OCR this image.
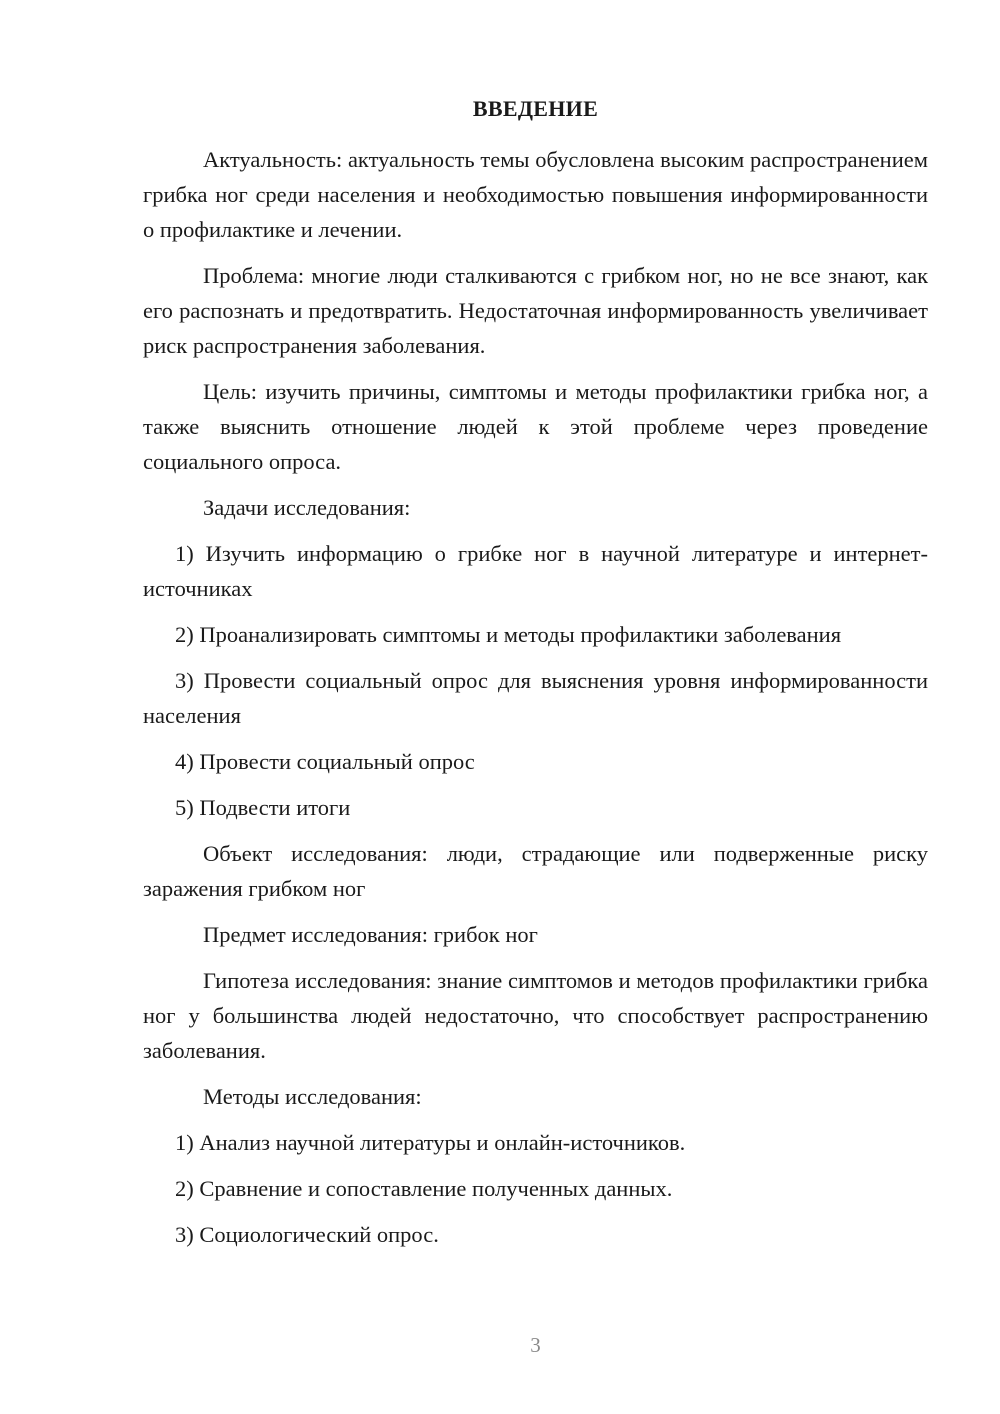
ВВЕДЕНИЕ

Актуальность: актуальность темы обусловлена высоким распространением грибка ног среди населения и необходимостью повышения информированности о профилактике и лечении.

Проблема: многие люди сталкиваются с грибком ног, но не все знают, как его распознать и предотвратить. Недостаточная информированность увеличивает риск распространения заболевания.

Цель: изучить причины, симптомы и методы профилактики грибка ног, а также выяснить отношение людей к этой проблеме через проведение социального опроса.

Задачи исследования:

1) Изучить информацию о грибке ног в научной литературе и интернет-источниках

2) Проанализировать симптомы и методы профилактики заболевания

3) Провести социальный опрос для выяснения уровня информированности населения

4) Провести социальный опрос

5) Подвести итоги

Объект исследования: люди, страдающие или подверженные риску заражения грибком ног

Предмет исследования: грибок ног

Гипотеза исследования: знание симптомов и методов профилактики грибка ног у большинства людей недостаточно, что способствует распространению заболевания.

Методы исследования:

1) Анализ научной литературы и онлайн-источников.

2) Сравнение и сопоставление полученных данных.

3) Социологический опрос.

3
